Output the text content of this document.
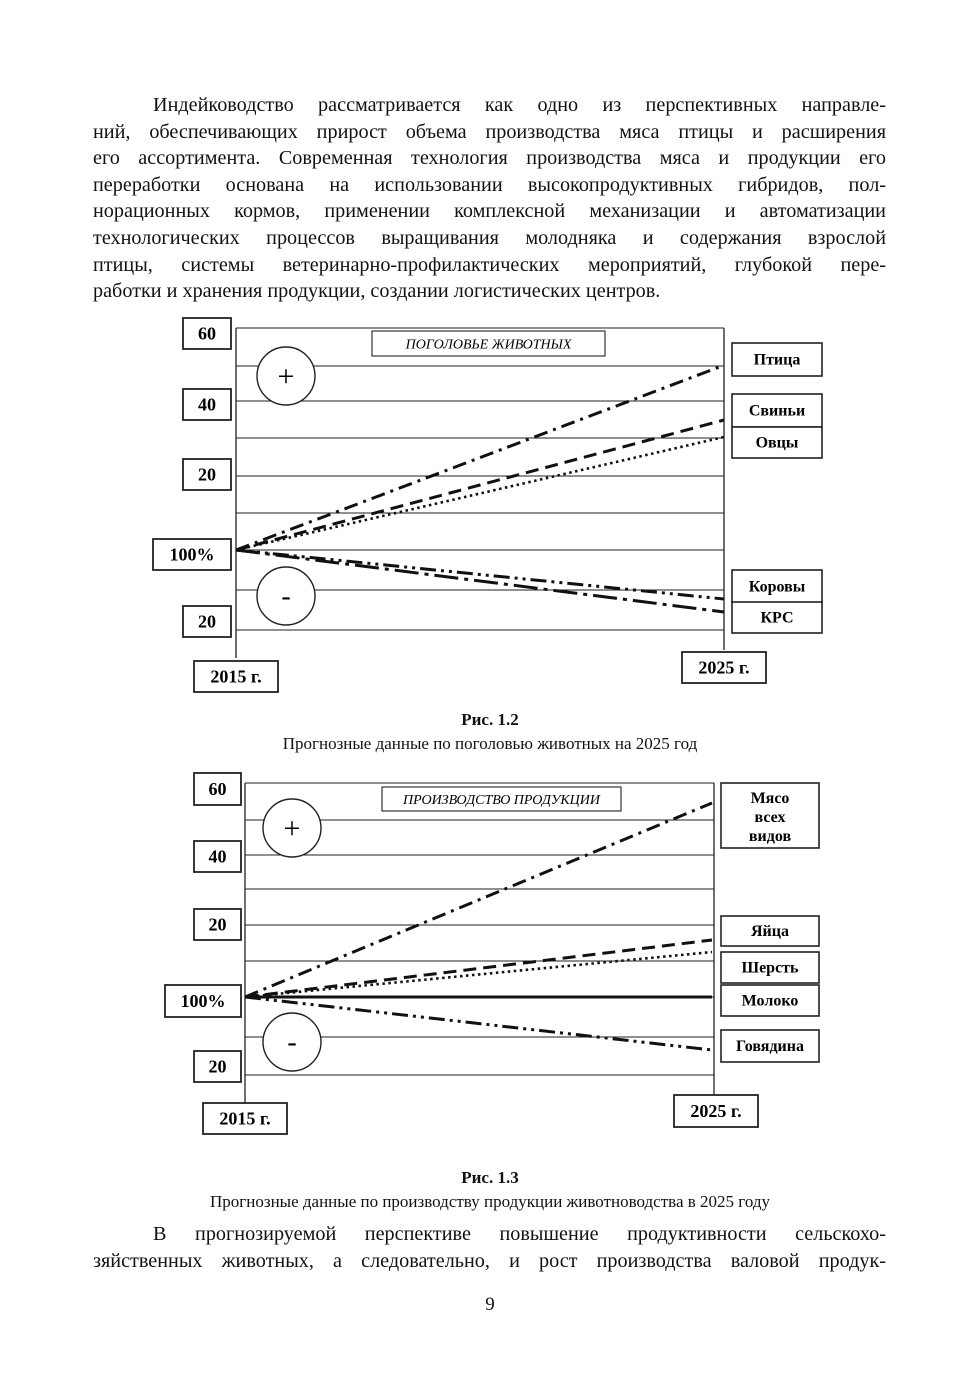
Индейководство рассматривается как одно из перспективных направле-
ний, обеспечивающих прирост объема производства мяса птицы и расширения
его ассортимента. Современная технология производства мяса и продукции его
переработки основана на использовании высокопродуктивных гибридов, пол-
норационных кормов, применении комплексной механизации и автоматизации
технологических процессов выращивания молодняка и содержания взрослой
птицы, системы ветеринарно-профилактических мероприятий, глубокой пере-
работки и хранения продукции, создании логистических центров.
ПОГОЛОВЬЕ ЖИВОТНЫХ
+
-
60
40
20
100%
20
2015 г.	2025 г.
Птица
Свиньи
Овцы
Коровы
КРС
Рис. 1.2
Прогнозные данные по поголовью животных на 2025 год
ПРОИЗВОДСТВО ПРОДУКЦИИ
+
-
60
40
20
100%
20
2015 г.	2025 г.
Мясо
всех
видов
Яйца
Шерсть
Молоко
Говядина
Рис. 1.3
Прогнозные данные по производству продукции животноводства в 2025 году
В прогнозируемой перспективе повышение продуктивности сельскохо-
зяйственных животных, а следовательно, и рост производства валовой продук-
9
